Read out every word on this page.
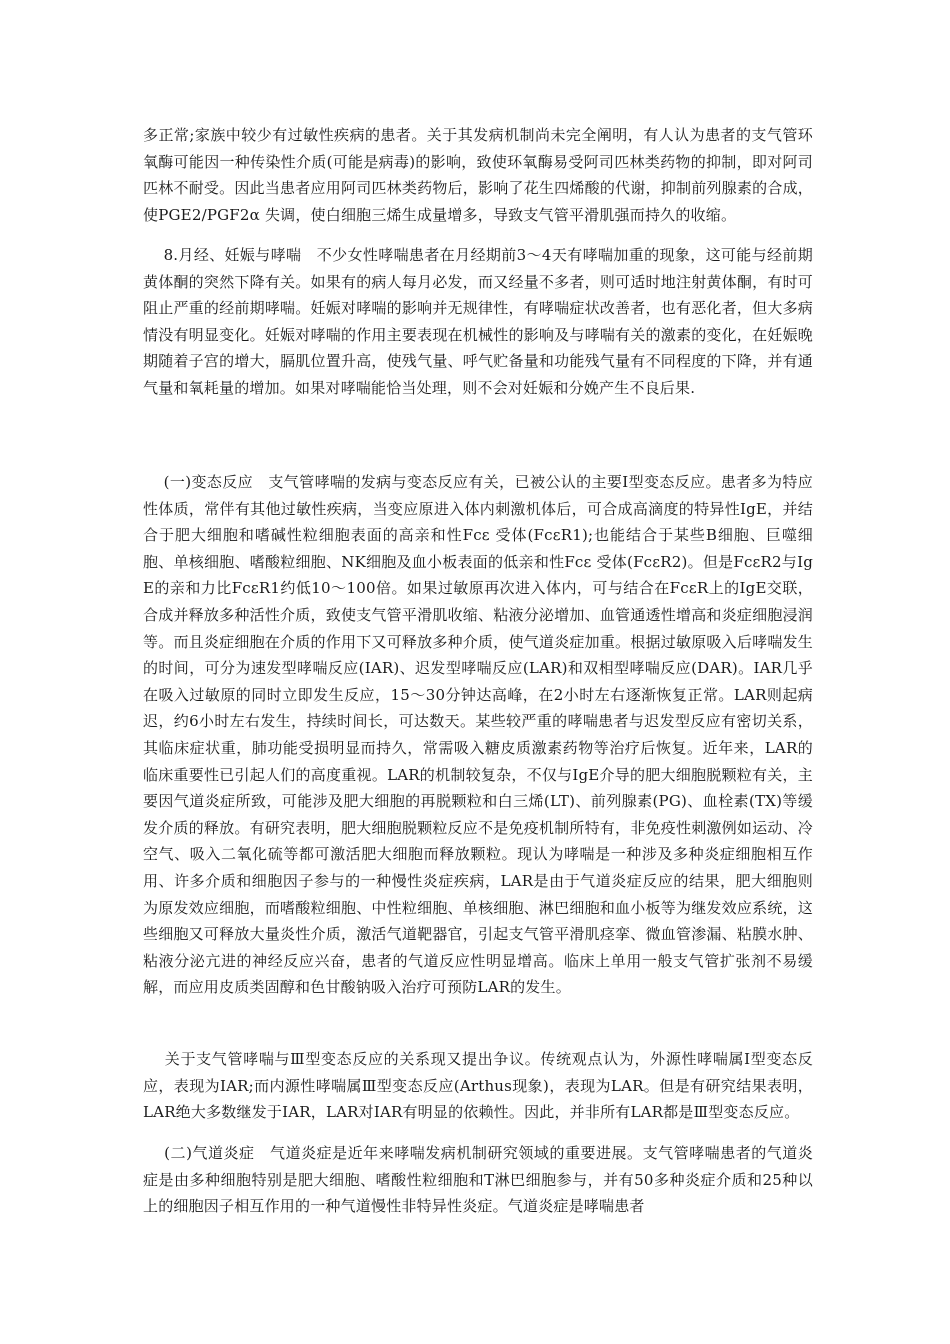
多正常;家族中较少有过敏性疾病的患者。关于其发病机制尚未完全阐明，有人认为患者的支气管环氧酶可能因一种传染性介质(可能是病毒)的影响，致使环氧酶易受阿司匹林类药物的抑制，即对阿司匹林不耐受。因此当患者应用阿司匹林类药物后，影响了花生四烯酸的代谢，抑制前列腺素的合成，使PGE2/PGF2α 失调，使白细胞三烯生成量增多，导致支气管平滑肌强而持久的收缩。

8.月经、妊娠与哮喘　不少女性哮喘患者在月经期前3～4天有哮喘加重的现象，这可能与经前期黄体酮的突然下降有关。如果有的病人每月必发，而又经量不多者，则可适时地注射黄体酮，有时可阻止严重的经前期哮喘。妊娠对哮喘的影响并无规律性，有哮喘症状改善者，也有恶化者，但大多病情没有明显变化。妊娠对哮喘的作用主要表现在机械性的影响及与哮喘有关的激素的变化，在妊娠晚期随着子宫的增大，膈肌位置升高，使残气量、呼气贮备量和功能残气量有不同程度的下降，并有通气量和氧耗量的增加。如果对哮喘能恰当处理，则不会对妊娠和分娩产生不良后果.

(一)变态反应　支气管哮喘的发病与变态反应有关，已被公认的主要Ⅰ型变态反应。患者多为特应性体质，常伴有其他过敏性疾病，当变应原进入体内刺激机体后，可合成高滴度的特异性IgE，并结合于肥大细胞和嗜碱性粒细胞表面的高亲和性Fcε 受体(FcεR1);也能结合于某些B细胞、巨噬细胞、单核细胞、嗜酸粒细胞、NK细胞及血小板表面的低亲和性Fcε 受体(FcεR2)。但是FcεR2与IgE的亲和力比FcεR1约低10～100倍。如果过敏原再次进入体内，可与结合在FcεR上的IgE交联，合成并释放多种活性介质，致使支气管平滑肌收缩、粘液分泌增加、血管通透性增高和炎症细胞浸润等。而且炎症细胞在介质的作用下又可释放多种介质，使气道炎症加重。根据过敏原吸入后哮喘发生的时间，可分为速发型哮喘反应(IAR)、迟发型哮喘反应(LAR)和双相型哮喘反应(DAR)。IAR几乎在吸入过敏原的同时立即发生反应，15～30分钟达高峰，在2小时左右逐渐恢复正常。LAR则起病迟，约6小时左右发生，持续时间长，可达数天。某些较严重的哮喘患者与迟发型反应有密切关系，其临床症状重，肺功能受损明显而持久，常需吸入糖皮质激素药物等治疗后恢复。近年来，LAR的临床重要性已引起人们的高度重视。LAR的机制较复杂，不仅与IgE介导的肥大细胞脱颗粒有关，主要因气道炎症所致，可能涉及肥大细胞的再脱颗粒和白三烯(LT)、前列腺素(PG)、血栓素(TX)等缓发介质的释放。有研究表明，肥大细胞脱颗粒反应不是免疫机制所特有，非免疫性刺激例如运动、冷空气、吸入二氧化硫等都可激活肥大细胞而释放颗粒。现认为哮喘是一种涉及多种炎症细胞相互作用、许多介质和细胞因子参与的一种慢性炎症疾病，LAR是由于气道炎症反应的结果，肥大细胞则为原发效应细胞，而嗜酸粒细胞、中性粒细胞、单核细胞、淋巴细胞和血小板等为继发效应系统，这些细胞又可释放大量炎性介质，激活气道靶器官，引起支气管平滑肌痉挛、微血管渗漏、粘膜水肿、粘液分泌亢进的神经反应兴奋，患者的气道反应性明显增高。临床上单用一般支气管扩张剂不易缓解，而应用皮质类固醇和色甘酸钠吸入治疗可预防LAR的发生。

关于支气管哮喘与Ⅲ型变态反应的关系现又提出争议。传统观点认为，外源性哮喘属Ⅰ型变态反应，表现为IAR;而内源性哮喘属Ⅲ型变态反应(Arthus现象)，表现为LAR。但是有研究结果表明，LAR绝大多数继发于IAR，LAR对IAR有明显的依赖性。因此，并非所有LAR都是Ⅲ型变态反应。

(二)气道炎症　气道炎症是近年来哮喘发病机制研究领域的重要进展。支气管哮喘患者的气道炎症是由多种细胞特别是肥大细胞、嗜酸性粒细胞和T淋巴细胞参与，并有50多种炎症介质和25种以上的细胞因子相互作用的一种气道慢性非特异性炎症。气道炎症是哮喘患者
